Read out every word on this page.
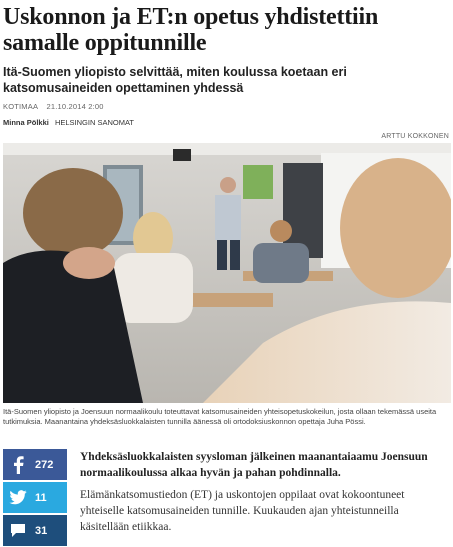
Uskonnon ja ET:n opetus yhdistettiin samalle oppitunnille

Itä-Suomen yliopisto selvittää, miten koulussa koetaan eri katsomusaineiden opettaminen yhdessä

KOTIMAA 21.10.2014 2:00
Minna Pölkki HELSINGIN SANOMAT
ARTTU KOKKONEN

Itä-Suomen yliopisto ja Joensuun normaalikoulu toteuttavat katsomusaineiden yhteisopetuskokeilun, josta ollaan tekemässä useita tutkimuksia. Maanantaina yhdeksäsluokkalaisten tunnilla äänessä oli ortodoksiuskonnon opettaja Juha Pössi.

272
11
31

Yhdeksäsluokkalaisten syysloman jälkeinen maanantaiaamu Joensuun normaalikoulussa alkaa hyvän ja pahan pohdinnalla.

Elämänkatsomustiedon (ET) ja uskontojen oppilaat ovat kokoontuneet yhteiselle katsomusaineiden tunnille. Kuukauden ajan yhteistunneilla käsitellään etiikkaa.
